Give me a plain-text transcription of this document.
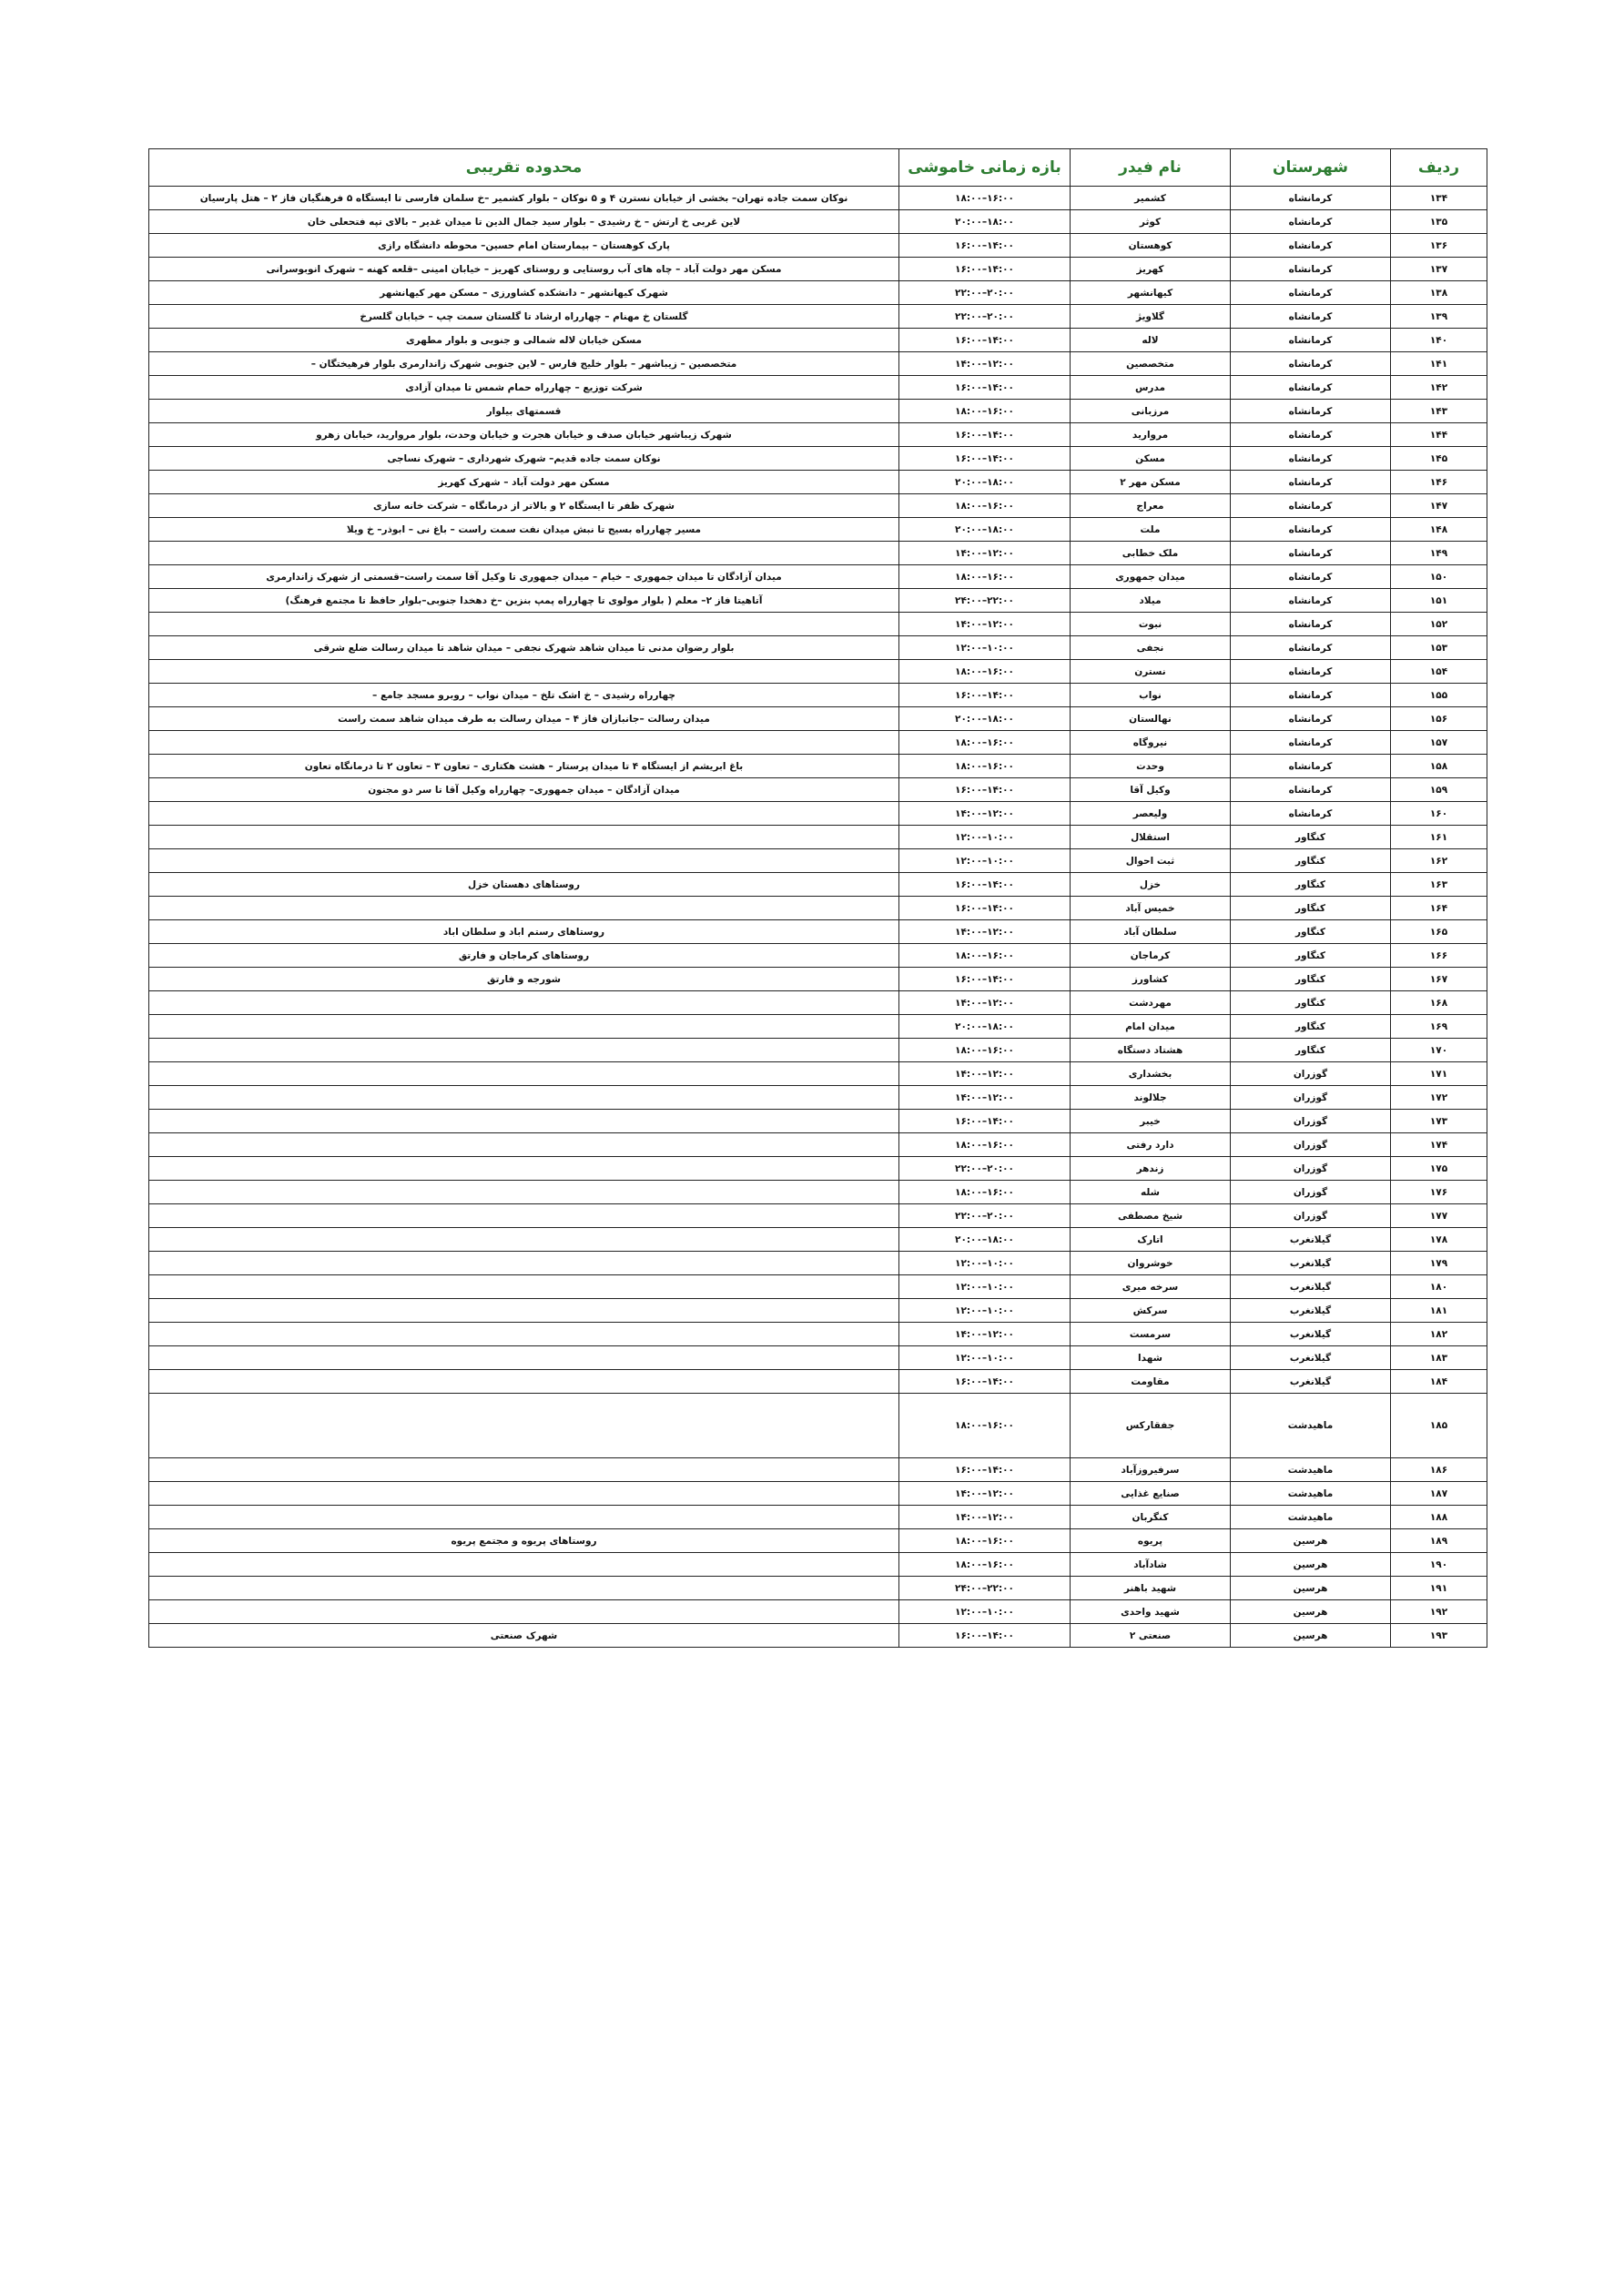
ردیف	شهرستان	نام فیدر	بازه زمانی خاموشی	محدوده تقریبی
۱۳۴	کرمانشاه	کشمیر	۱۶:۰۰–۱۸:۰۰	نوکان سمت جاده تهران– بخشی از خیابان نسترن ۴ و ۵ نوکان – بلوار کشمیر –خ سلمان فارسی تا ایستگاه ۵ فرهنگیان فاز ۲ – هتل پارسیان
۱۳۵	کرمانشاه	کوثر	۱۸:۰۰–۲۰:۰۰	لاین غربی خ ارتش – خ رشیدی – بلوار سید جمال الدین تا میدان غدیر – بالای تپه فتحعلی خان
۱۳۶	کرمانشاه	کوهستان	۱۴:۰۰–۱۶:۰۰	پارک کوهستان – بیمارستان امام حسین– محوطه دانشگاه رازی
۱۳۷	کرمانشاه	کهریز	۱۴:۰۰–۱۶:۰۰	مسکن مهر دولت آباد – چاه های آب روستایی و روستای کهریز – خیابان امینی –قلعه کهنه – شهرک انوبوسرانی
۱۳۸	کرمانشاه	کیهانشهر	۲۰:۰۰–۲۲:۰۰	شهرک کیهانشهر – دانشکده کشاورزی – مسکن مهر کیهانشهر
۱۳۹	کرمانشاه	گلاویژ	۲۰:۰۰–۲۲:۰۰	گلستان خ مهنام – چهارراه ارشاد تا گلستان سمت چپ – خیابان گلسرخ
۱۴۰	کرمانشاه	لاله	۱۴:۰۰–۱۶:۰۰	مسکن خیابان لاله شمالی و جنوبی و بلوار مطهری
۱۴۱	کرمانشاه	متخصصین	۱۲:۰۰–۱۴:۰۰	متخصصین – زیباشهر – بلوار خلیج فارس – لاین جنوبی شهرک زاندارمری بلوار فرهیختگان –
۱۴۲	کرمانشاه	مدرس	۱۴:۰۰–۱۶:۰۰	شرکت توزیع – چهارراه حمام شمس تا میدان آزادی
۱۴۳	کرمانشاه	مرزبانی	۱۶:۰۰–۱۸:۰۰	قسمتهای بیلوار
۱۴۴	کرمانشاه	مروارید	۱۴:۰۰–۱۶:۰۰	شهرک زیباشهر خیابان صدف و خیابان هجرت و خیابان وحدت، بلوار مروارید، خیابان زهرو
۱۴۵	کرمانشاه	مسکن	۱۴:۰۰–۱۶:۰۰	نوکان سمت جاده قدیم– شهرک شهرداری – شهرک نساجی
۱۴۶	کرمانشاه	مسکن مهر ۲	۱۸:۰۰–۲۰:۰۰	مسکن مهر دولت آباد – شهرک کهریز
۱۴۷	کرمانشاه	معراج	۱۶:۰۰–۱۸:۰۰	شهرک ظفر تا ایستگاه ۲ و بالاتر از درمانگاه – شرکت خانه سازی
۱۴۸	کرمانشاه	ملت	۱۸:۰۰–۲۰:۰۰	مسیر چهارراه بسیج تا نبش میدان نفت سمت راست – باغ نی – ابوذر– خ ویلا
۱۴۹	کرمانشاه	ملک خطابی	۱۲:۰۰–۱۴:۰۰	
۱۵۰	کرمانشاه	میدان جمهوری	۱۶:۰۰–۱۸:۰۰	میدان آزادگان تا میدان جمهوری – خیام – میدان جمهوری تا وکیل آقا سمت راست–قسمتی از شهرک زاندارمری
۱۵۱	کرمانشاه	میلاد	۲۲:۰۰–۲۴:۰۰	آتاهیتا فاز ۲– معلم ( بلوار مولوی تا چهارراه پمپ بنزین –خ دهخدا جنوبی–بلوار حافظ تا مجتمع فرهنگ)
۱۵۲	کرمانشاه	نبوت	۱۲:۰۰–۱۴:۰۰	
۱۵۳	کرمانشاه	نجفی	۱۰:۰۰–۱۲:۰۰	بلوار رضوان مدنی تا میدان شاهد شهرک نجفی – میدان شاهد تا میدان رسالت ضلع شرقی
۱۵۴	کرمانشاه	نسترن	۱۶:۰۰–۱۸:۰۰	
۱۵۵	کرمانشاه	نواب	۱۴:۰۰–۱۶:۰۰	چهارراه رشیدی – خ اشک تلخ – میدان نواب – روبرو مسجد جامع –
۱۵۶	کرمانشاه	نهالستان	۱۸:۰۰–۲۰:۰۰	میدان رسالت –جانبازان فاز ۴ – میدان رسالت به طرف میدان شاهد سمت راست
۱۵۷	کرمانشاه	نیروگاه	۱۶:۰۰–۱۸:۰۰	
۱۵۸	کرمانشاه	وحدت	۱۶:۰۰–۱۸:۰۰	باغ ابریشم از ایستگاه ۴ تا میدان پرستار – هشت هکتاری – تعاون ۳ – تعاون ۲ تا درمانگاه تعاون
۱۵۹	کرمانشاه	وکیل آقا	۱۴:۰۰–۱۶:۰۰	میدان آزادگان – میدان جمهوری– چهارراه وکیل آقا تا سر دو مجنون
۱۶۰	کرمانشاه	ولیعصر	۱۲:۰۰–۱۴:۰۰	
۱۶۱	کنگاور	استقلال	۱۰:۰۰–۱۲:۰۰	
۱۶۲	کنگاور	ثبت احوال	۱۰:۰۰–۱۲:۰۰	
۱۶۳	کنگاور	خزل	۱۴:۰۰–۱۶:۰۰	روستاهای دهستان خزل
۱۶۴	کنگاور	خمیس آباد	۱۴:۰۰–۱۶:۰۰	
۱۶۵	کنگاور	سلطان آباد	۱۲:۰۰–۱۴:۰۰	روستاهای رستم اباد و سلطان اباد
۱۶۶	کنگاور	کرماجان	۱۶:۰۰–۱۸:۰۰	روستاهای کرماجان و فارتق
۱۶۷	کنگاور	کشاورز	۱۴:۰۰–۱۶:۰۰	شورجه و فارتق
۱۶۸	کنگاور	مهردشت	۱۲:۰۰–۱۴:۰۰	
۱۶۹	کنگاور	میدان امام	۱۸:۰۰–۲۰:۰۰	
۱۷۰	کنگاور	هشتاد دستگاه	۱۶:۰۰–۱۸:۰۰	
۱۷۱	گوزران	بخشداری	۱۲:۰۰–۱۴:۰۰	
۱۷۲	گوزران	جلالوند	۱۲:۰۰–۱۴:۰۰	
۱۷۳	گوزران	خیبر	۱۴:۰۰–۱۶:۰۰	
۱۷۴	گوزران	دارد رفتی	۱۶:۰۰–۱۸:۰۰	
۱۷۵	گوزران	زندهر	۲۰:۰۰–۲۲:۰۰	
۱۷۶	گوزران	شله	۱۶:۰۰–۱۸:۰۰	
۱۷۷	گوزران	شیخ مصطفی	۲۰:۰۰–۲۲:۰۰	
۱۷۸	گیلانغرب	اتارک	۱۸:۰۰–۲۰:۰۰	
۱۷۹	گیلانغرب	خوشروان	۱۰:۰۰–۱۲:۰۰	
۱۸۰	گیلانغرب	سرخه میری	۱۰:۰۰–۱۲:۰۰	
۱۸۱	گیلانغرب	سرکش	۱۰:۰۰–۱۲:۰۰	
۱۸۲	گیلانغرب	سرمست	۱۲:۰۰–۱۴:۰۰	
۱۸۳	گیلانغرب	شهدا	۱۰:۰۰–۱۲:۰۰	
۱۸۴	گیلانغرب	مقاومت	۱۴:۰۰–۱۶:۰۰	
۱۸۵	ماهیدشت	جفقارکس	۱۶:۰۰–۱۸:۰۰	
۱۸۶	ماهیدشت	سرفیروزآباد	۱۴:۰۰–۱۶:۰۰	
۱۸۷	ماهیدشت	صنایع غذایی	۱۲:۰۰–۱۴:۰۰	
۱۸۸	ماهیدشت	کنگربان	۱۲:۰۰–۱۴:۰۰	
۱۸۹	هرسین	پریوه	۱۶:۰۰–۱۸:۰۰	روستاهای پریوه و مجتمع پریوه
۱۹۰	هرسین	شادآباد	۱۶:۰۰–۱۸:۰۰	
۱۹۱	هرسین	شهید باهنر	۲۲:۰۰–۲۴:۰۰	
۱۹۲	هرسین	شهید واحدی	۱۰:۰۰–۱۲:۰۰	
۱۹۳	هرسین	صنعتی ۲	۱۴:۰۰–۱۶:۰۰	شهرک صنعتی
